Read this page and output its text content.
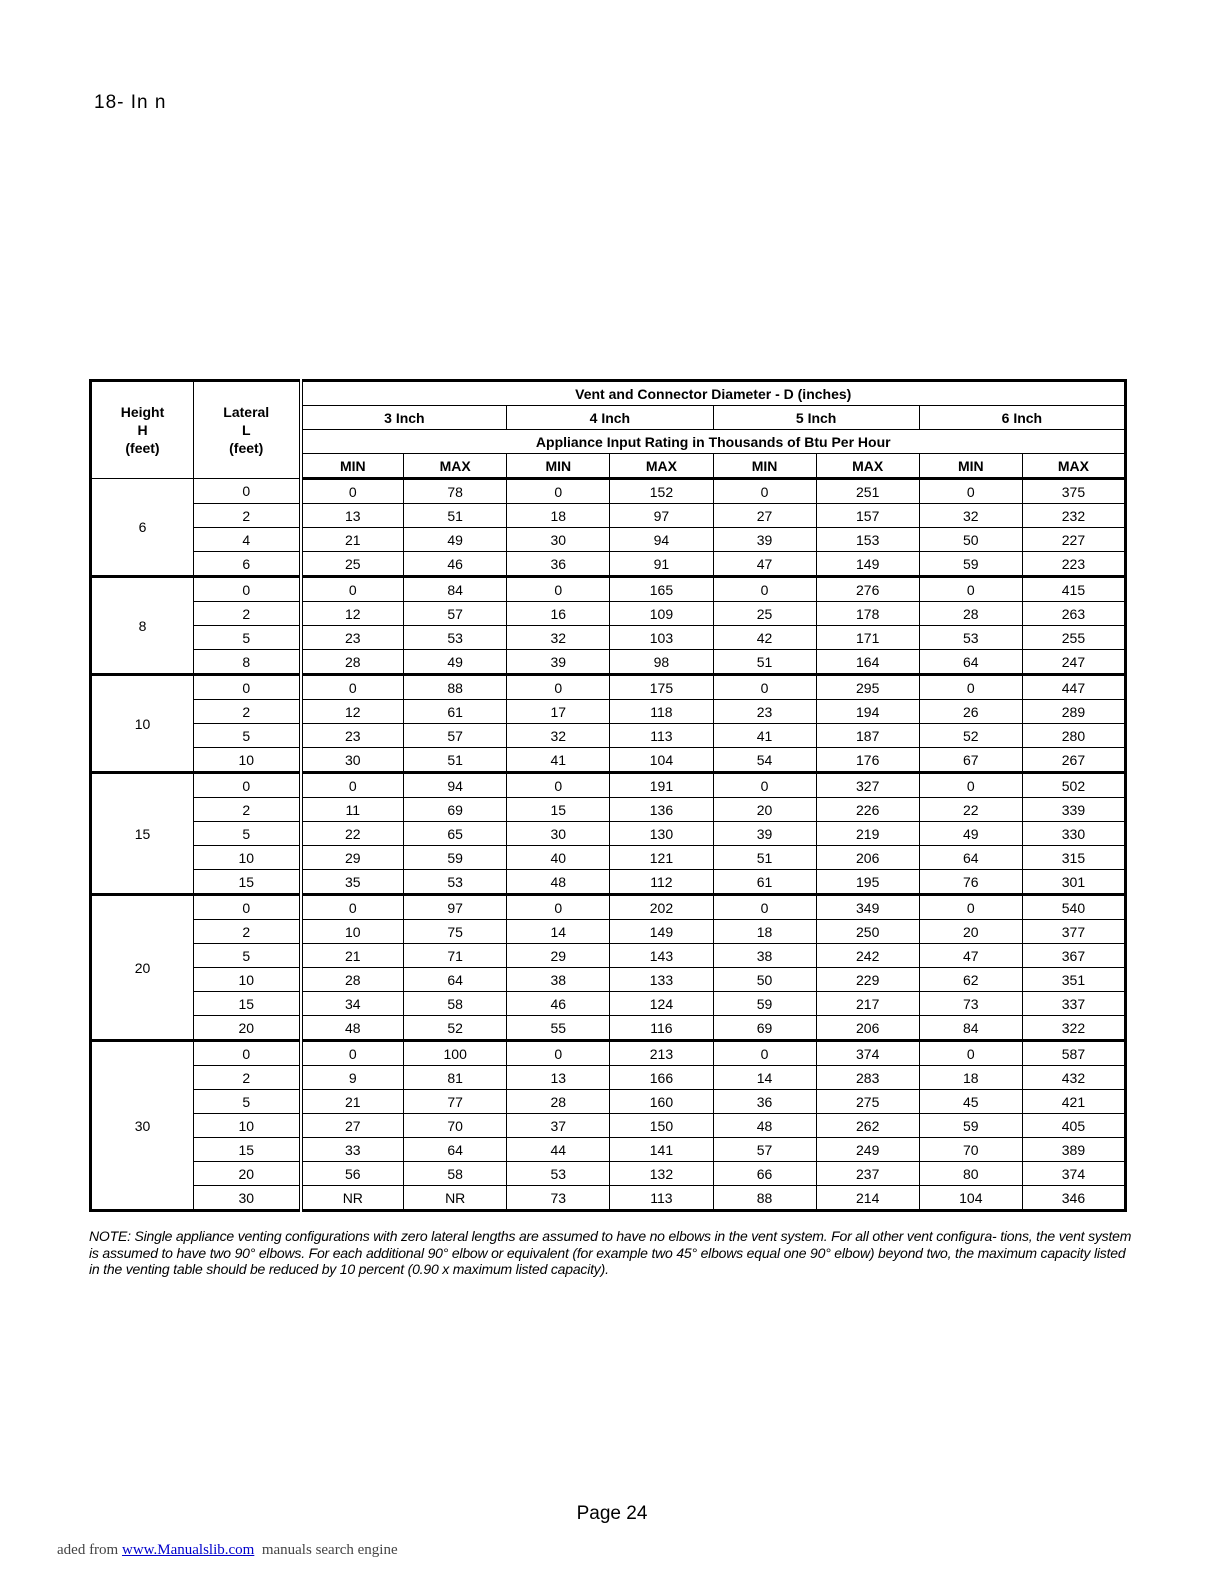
18- In n
Height
H
(feet)	Lateral
L
(feet)	Vent and Connector Diameter - D (inches)							
		3 Inch		4 Inch		5 Inch		6 Inch	
		Appliance Input Rating in Thousands of Btu Per Hour							
		MIN	MAX	MIN	MAX	MIN	MAX	MIN	MAX
6	0	0	78	0	152	0	251	0	375
	2	13	51	18	97	27	157	32	232
	4	21	49	30	94	39	153	50	227
	6	25	46	36	91	47	149	59	223
8	0	0	84	0	165	0	276	0	415
	2	12	57	16	109	25	178	28	263
	5	23	53	32	103	42	171	53	255
	8	28	49	39	98	51	164	64	247
10	0	0	88	0	175	0	295	0	447
	2	12	61	17	118	23	194	26	289
	5	23	57	32	113	41	187	52	280
	10	30	51	41	104	54	176	67	267
15	0	0	94	0	191	0	327	0	502
	2	11	69	15	136	20	226	22	339
	5	22	65	30	130	39	219	49	330
	10	29	59	40	121	51	206	64	315
	15	35	53	48	112	61	195	76	301
20	0	0	97	0	202	0	349	0	540
	2	10	75	14	149	18	250	20	377
	5	21	71	29	143	38	242	47	367
	10	28	64	38	133	50	229	62	351
	15	34	58	46	124	59	217	73	337
	20	48	52	55	116	69	206	84	322
30	0	0	100	0	213	0	374	0	587
	2	9	81	13	166	14	283	18	432
	5	21	77	28	160	36	275	45	421
	10	27	70	37	150	48	262	59	405
	15	33	64	44	141	57	249	70	389
	20	56	58	53	132	66	237	80	374
	30	NR	NR	73	113	88	214	104	346
NOTE: Single appliance venting configurations with zero lateral lengths are assumed to have no elbows in the vent system. For all other vent configura- tions, the vent system is assumed to have two 90° elbows. For each additional 90° elbow or equivalent (for example two 45° elbows equal one 90° elbow) beyond two, the maximum capacity listed in the venting table should be reduced by 10 percent (0.90 x maximum listed capacity).
Page 24
aded from www.Manualslib.com  manuals search engine
